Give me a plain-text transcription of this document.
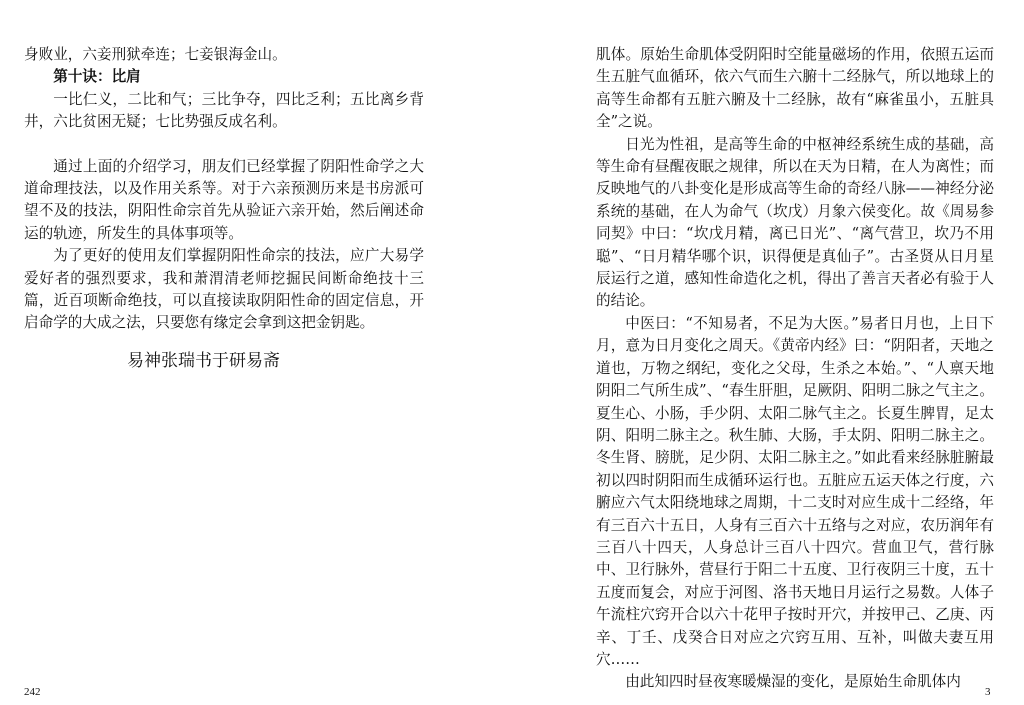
身败业，六妾刑狱牵连；七妾银海金山。

第十诀：比肩

一比仁义，二比和气；三比争夺，四比乏利；五比离乡背井，六比贫困无疑；七比势强反成名利。

通过上面的介绍学习，朋友们已经掌握了阴阳性命学之大道命理技法，以及作用关系等。对于六亲预测历来是书房派可望不及的技法，阴阳性命宗首先从验证六亲开始，然后阐述命运的轨迹，所发生的具体事项等。

为了更好的使用友们掌握阴阳性命宗的技法，应广大易学爱好者的强烈要求，我和萧渭清老师挖掘民间断命绝技十三篇，近百项断命绝技，可以直接读取阴阳性命的固定信息，开启命学的大成之法，只要您有缘定会拿到这把金钥匙。

易神张瑞书于研易斋
242

肌体。原始生命肌体受阴阳时空能量磁场的作用，依照五运而生五脏气血循环，依六气而生六腑十二经脉气，所以地球上的高等生命都有五脏六腑及十二经脉，故有“麻雀虽小，五脏具全”之说。

日光为性祖，是高等生命的中枢神经系统生成的基础，高等生命有昼醒夜眠之规律，所以在天为日精，在人为离性；而反映地气的八卦变化是形成高等生命的奇经八脉——神经分泌系统的基础，在人为命气（坎戊）月象六侯变化。故《周易参同契》中曰：“坎戊月精，离已日光”、“离气营卫，坎乃不用聪”、“日月精华哪个识，识得便是真仙子”。古圣贤从日月星辰运行之道，感知性命造化之机，得出了善言天者必有验于人的结论。

中医曰：“不知易者，不足为大医。”易者日月也，上日下月，意为日月变化之周天。《黄帝内经》曰：“阴阳者，天地之道也，万物之纲纪，变化之父母，生杀之本始。”、“人禀天地阴阳二气所生成”、“春生肝胆，足厥阴、阳明二脉之气主之。夏生心、小肠，手少阴、太阳二脉气主之。长夏生脾胃，足太阴、阳明二脉主之。秋生肺、大肠，手太阴、阳明二脉主之。冬生肾、膀胱，足少阴、太阳二脉主之。”如此看来经脉脏腑最初以四时阴阳而生成循环运行也。五脏应五运天体之行度，六腑应六气太阳绕地球之周期，十二支时对应生成十二经络，年有三百六十五日，人身有三百六十五络与之对应，农历润年有三百八十四天，人身总计三百八十四穴。营血卫气，营行脉中、卫行脉外，营昼行于阳二十五度、卫行夜阴三十度，五十五度而复会，对应于河图、洛书天地日月运行之易数。人体子午流柱穴窍开合以六十花甲子按时开穴，并按甲己、乙庚、丙辛、丁壬、戊癸合日对应之穴窍互用、互补，叫做夫妻互用穴……

由此知四时昼夜寒暖燥湿的变化，是原始生命肌体内

3
